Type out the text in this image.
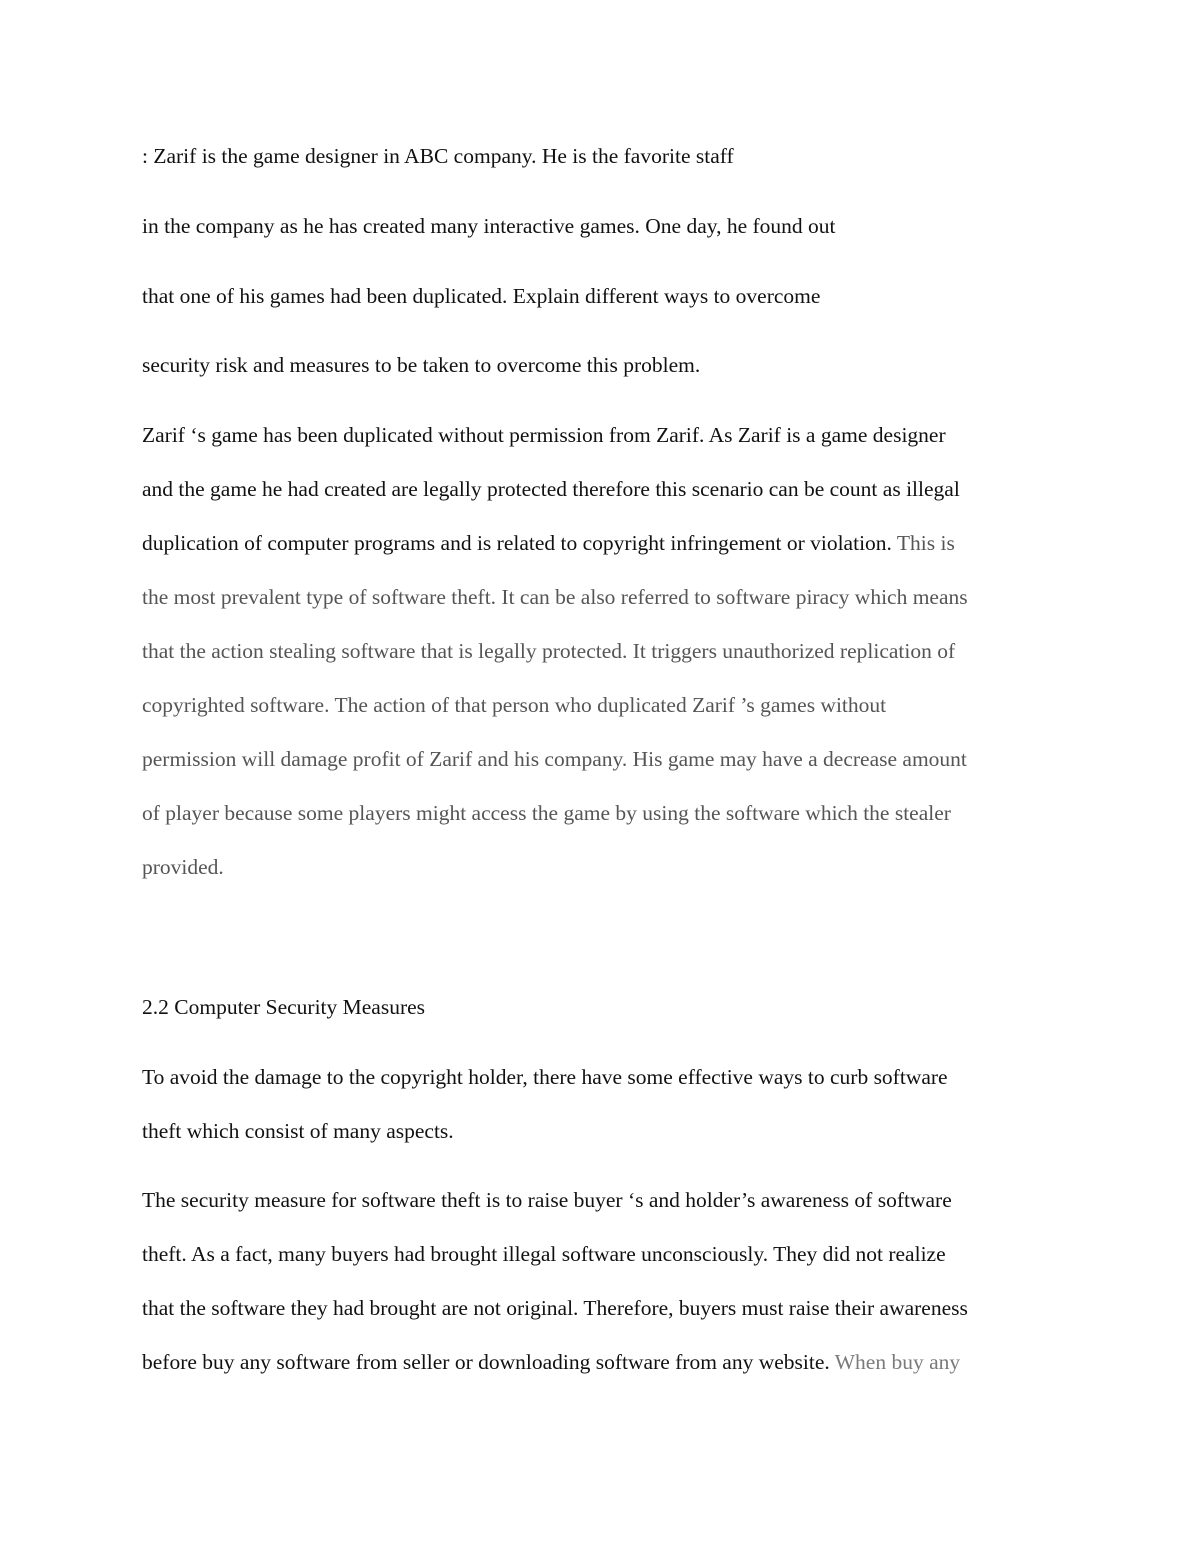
: Zarif is the game designer in ABC company. He is the favorite staff
in the company as he has created many interactive games. One day, he found out
that one of his games had been duplicated. Explain different ways to overcome
security risk and measures to be taken to overcome this problem.
Zarif ‘s game has been duplicated without permission from Zarif. As Zarif is a game designer
and the game he had created are legally protected therefore this scenario can be count as illegal
duplication of computer programs and is related to copyright infringement or violation. This is
the most prevalent type of software theft. It can be also referred to software piracy which means
that the action stealing software that is legally protected. It triggers unauthorized replication of
copyrighted software. The action of that person who duplicated Zarif ’s games without
permission will damage profit of Zarif and his company. His game may have a decrease amount
of player because some players might access the game by using the software which the stealer
provided.
2.2 Computer Security Measures
To avoid the damage to the copyright holder, there have some effective ways to curb software
theft which consist of many aspects.
The security measure for software theft is to raise buyer ‘s and holder’s awareness of software
theft. As a fact, many buyers had brought illegal software unconsciously. They did not realize
that the software they had brought are not original. Therefore, buyers must raise their awareness
before buy any software from seller or downloading software from any website. When buy any
